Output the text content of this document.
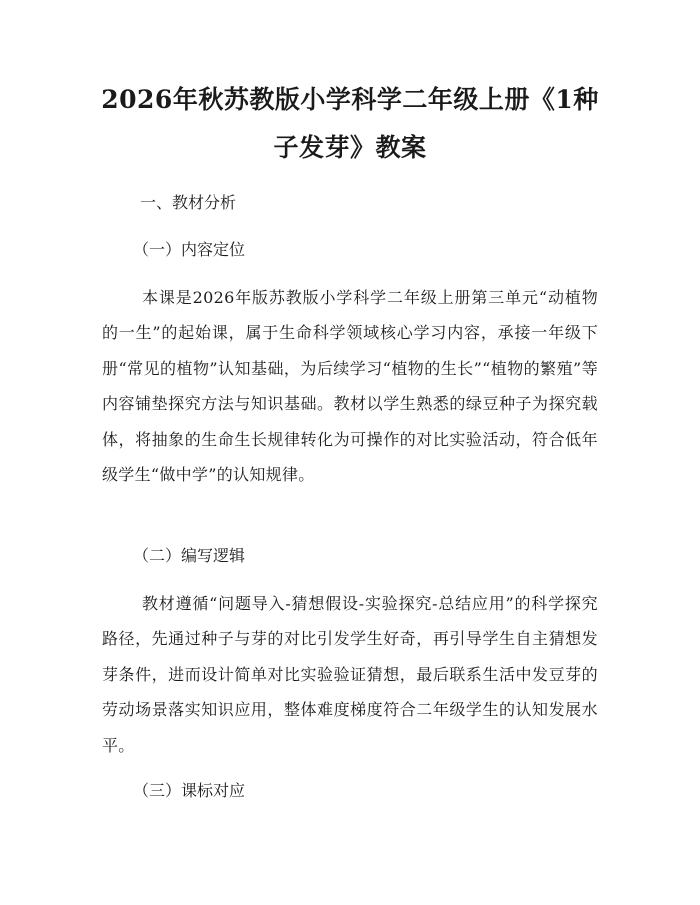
2026年秋苏教版小学科学二年级上册《1种子发芽》教案

一、教材分析

（一）内容定位

本课是2026年版苏教版小学科学二年级上册第三单元“动植物的一生”的起始课，属于生命科学领域核心学习内容，承接一年级下册“常见的植物”认知基础，为后续学习“植物的生长”“植物的繁殖”等内容铺垫探究方法与知识基础。教材以学生熟悉的绿豆种子为探究载体，将抽象的生命生长规律转化为可操作的对比实验活动，符合低年级学生“做中学”的认知规律。

（二）编写逻辑

教材遵循“问题导入-猜想假设-实验探究-总结应用”的科学探究路径，先通过种子与芽的对比引发学生好奇，再引导学生自主猜想发芽条件，进而设计简单对比实验验证猜想，最后联系生活中发豆芽的劳动场景落实知识应用，整体难度梯度符合二年级学生的认知发展水平。

（三）课标对应
